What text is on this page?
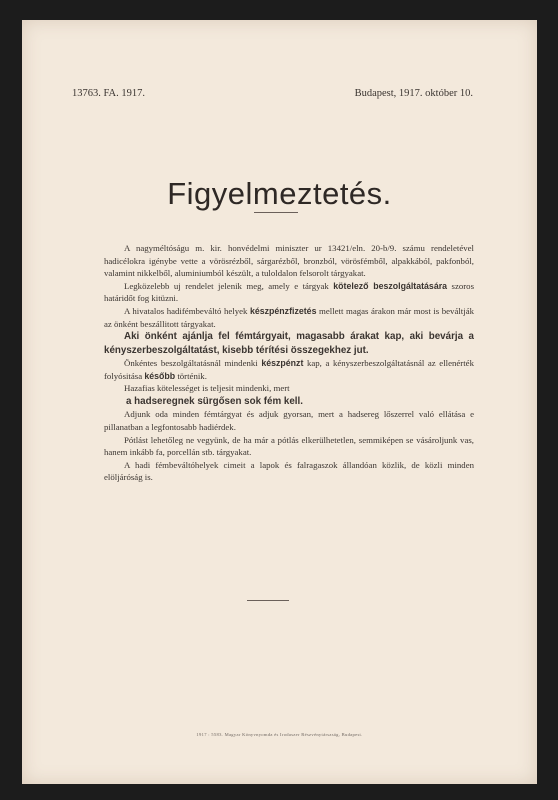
13763. FA. 1917.	Budapest, 1917. október 10.
Figyelmeztetés.

A nagyméltóságu m. kir. honvédelmi miniszter ur 13421/eln. 20-b/9. számu rendeletével hadicélokra igénybe vette a vörösrézből, sárgarézből, bronzból, vörösfémből, alpakkából, pakfonból, valamint nikkelből, aluminiumból készült, a tuloldalon felsorolt tárgyakat.

Legközelebb uj rendelet jelenik meg, amely e tárgyak kötelező beszolgáltatására szoros határidőt fog kitüzni.

A hivatalos hadifémbeváltó helyek készpénzfizetés mellett magas árakon már most is beváltják az önként beszállitott tárgyakat.

Aki önként ajánlja fel fémtárgyait, magasabb árakat kap, aki bevárja a kényszerbeszolgáltatást, kisebb térítési összegekhez jut.

Önkéntes beszolgáltatásnál mindenki készpénzt kap, a kényszerbeszolgáltatásnál az ellenérték folyósitása később történik.

Hazafias kötelességet is teljesit mindenki, mert

a hadseregnek sürgősen sok fém kell.

Adjunk oda minden fémtárgyat és adjuk gyorsan, mert a hadsereg lőszerrel való ellátása e pillanatban a legfontosabb hadiérdek.

Pótlást lehetőleg ne vegyünk, de ha már a pótlás elkerülhetetlen, semmiképen se vásároljunk vas, hanem inkább fa, porcellán stb. tárgyakat.

A hadi fémbeváltóhelyek cimeit a lapok és falragaszok állandóan közlik, de közli minden elöljáróság is.

1917 : 5583. Magyar Könyvnyomda és Irodaszer Részvénytársaság, Budapest.
